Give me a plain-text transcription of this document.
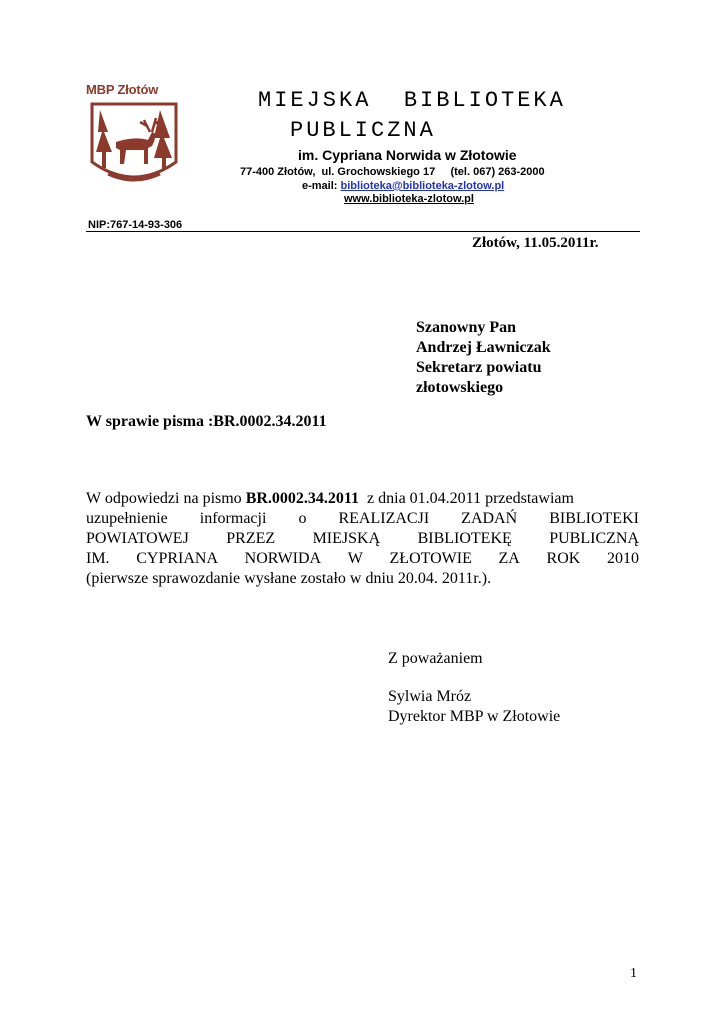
MBP Złotów	MIEJSKA  BIBLIOTEKA
PUBLICZNA
im. Cypriana Norwida w Złotowie
77-400 Złotów,  ul. Grochowskiego 17     (tel. 067) 263-2000
e-mail: biblioteka@biblioteka-zlotow.pl
www.biblioteka-zlotow.pl
NIP:767-14-93-306
Złotów, 11.05.2011r.
Szanowny Pan
Andrzej Ławniczak
Sekretarz powiatu
złotowskiego
W sprawie pisma :BR.0002.34.2011
W odpowiedzi na pismo BR.0002.34.2011  z dnia 01.04.2011 przedstawiam
uzupełnienie informacji o REALIZACJI ZADAŃ BIBLIOTEKI
POWIATOWEJ PRZEZ MIEJSKĄ BIBLIOTEKĘ PUBLICZNĄ
IM. CYPRIANA NORWIDA W ZŁOTOWIE ZA ROK 2010
(pierwsze sprawozdanie wysłane zostało w dniu 20.04. 2011r.).
Z poważaniem
Sylwia Mróz
Dyrektor MBP w Złotowie
1
